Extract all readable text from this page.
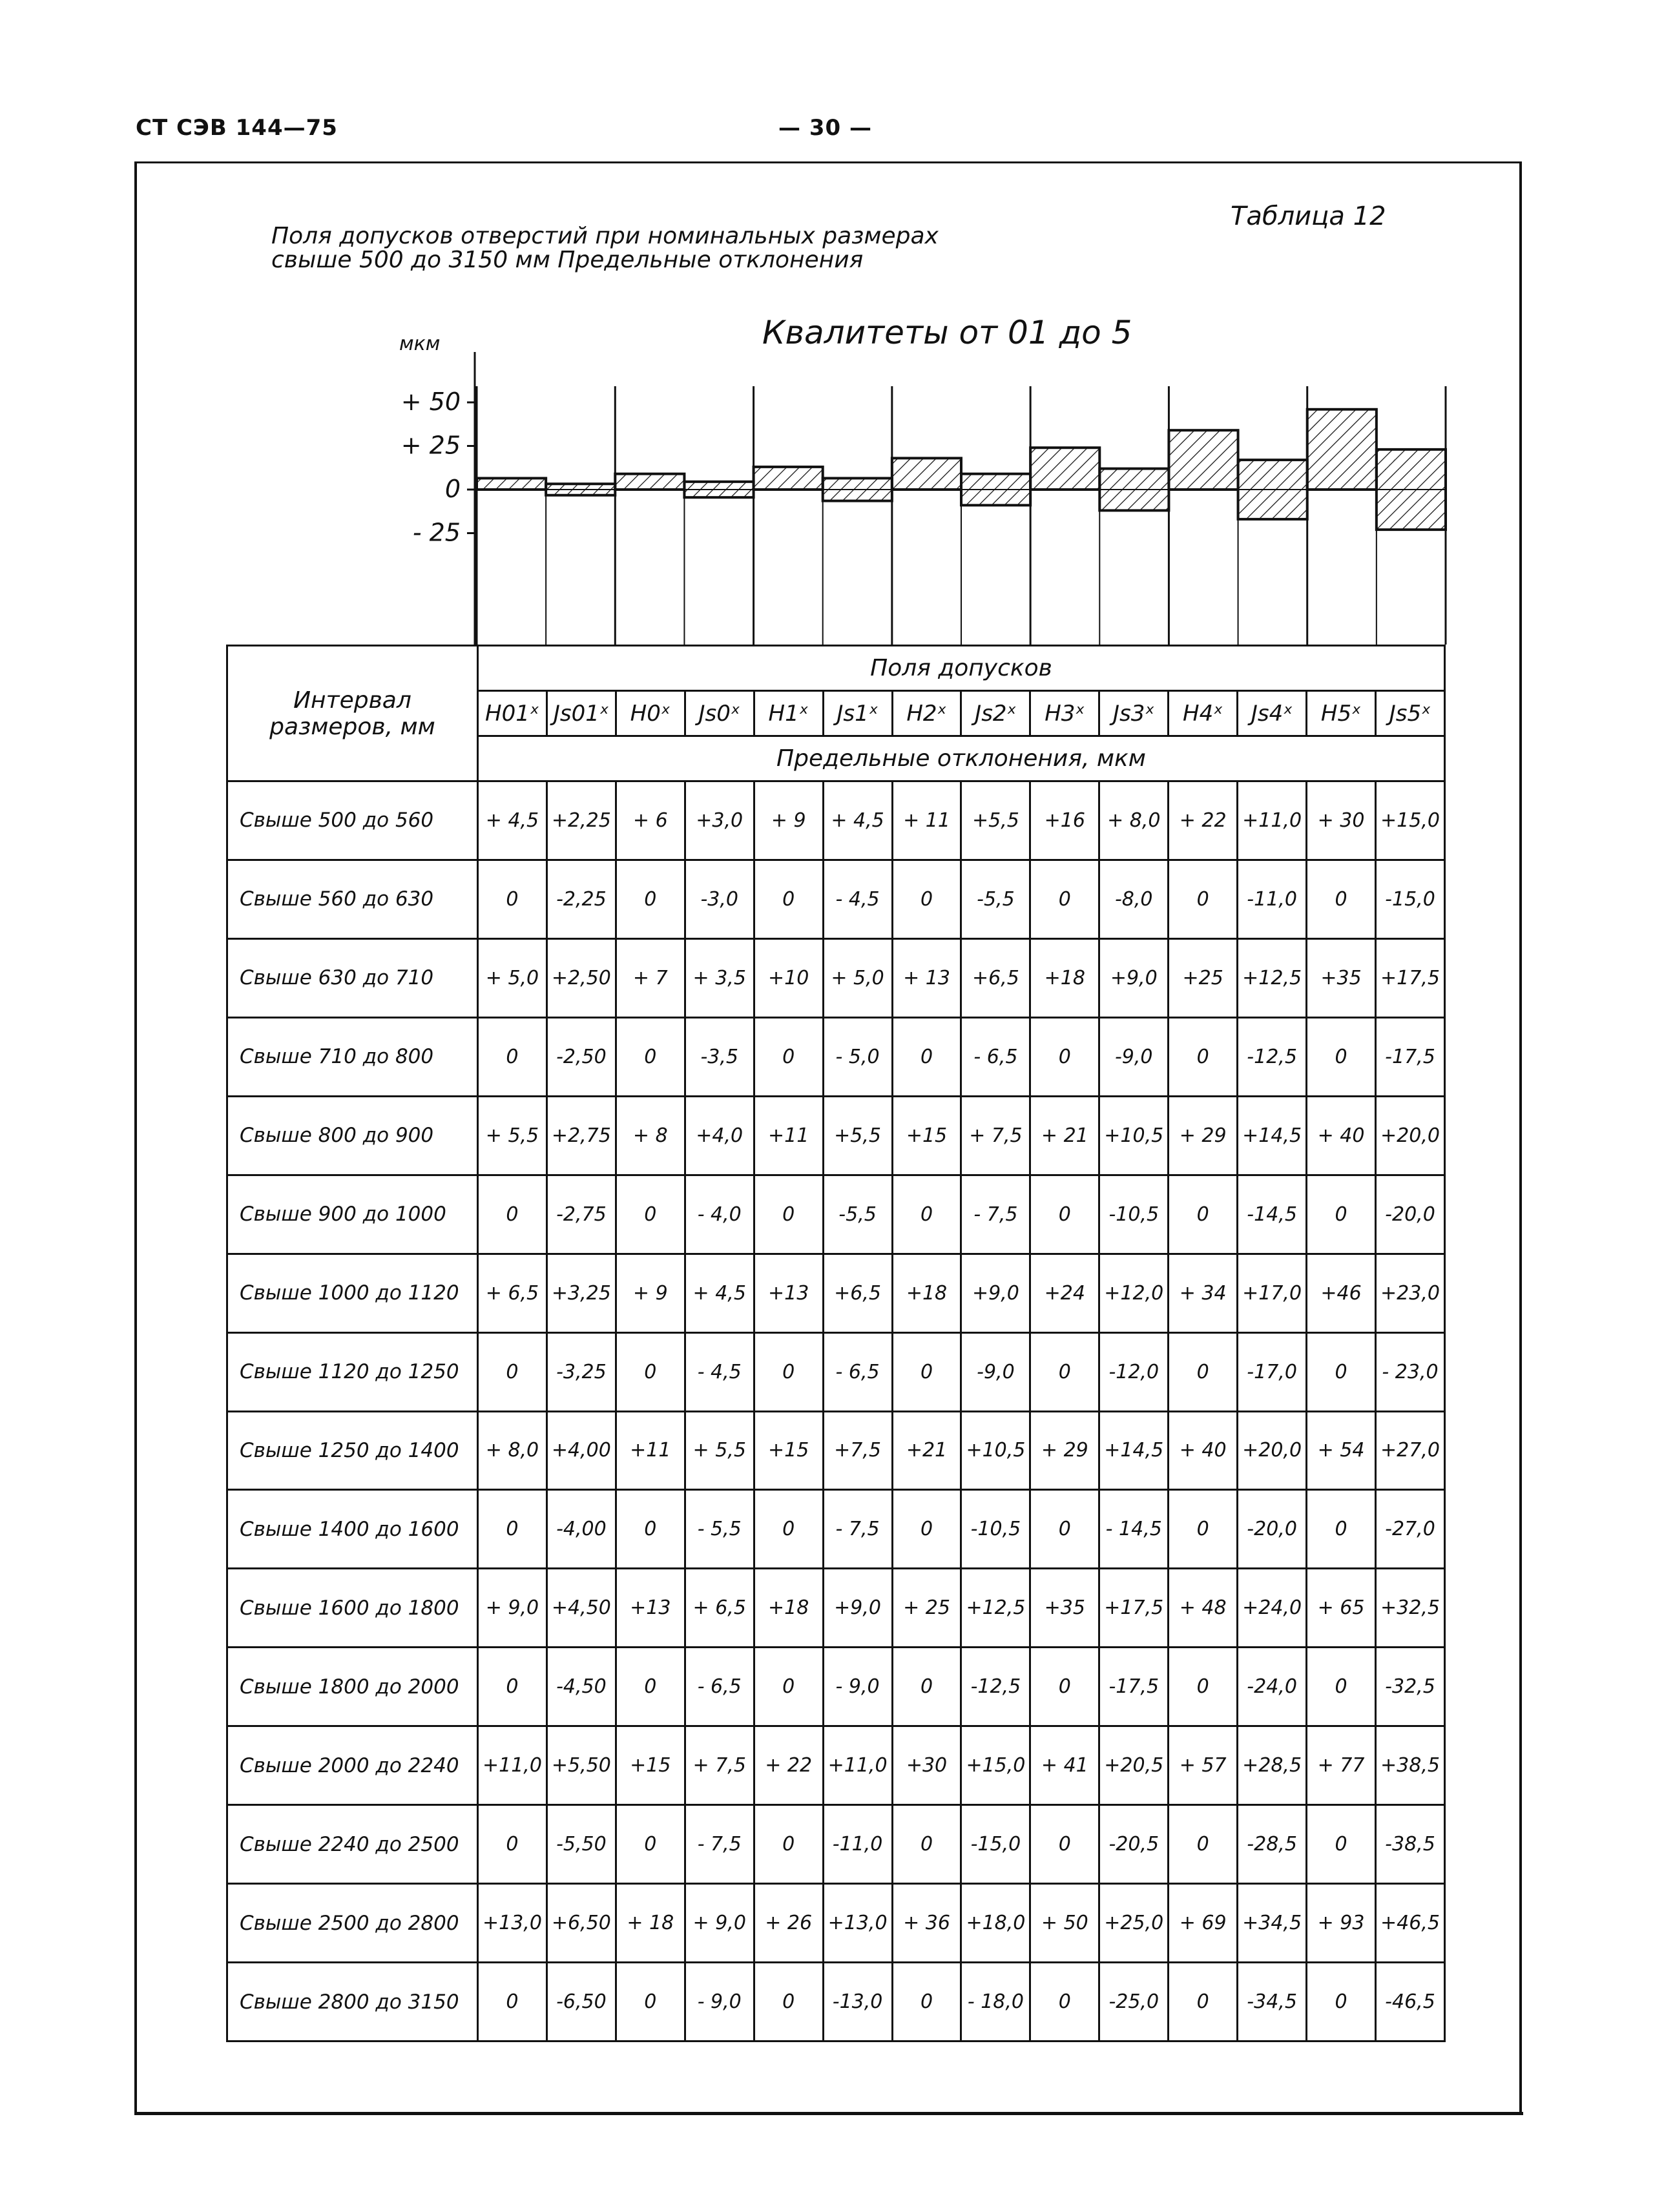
СТ СЭВ 144—75	— 30 —
Таблица 12
Поля допусков отверстий при номинальных размерах
свыше 500 до 3150 мм Предельные отклонения
Квалитеты от 01 до 5
мкм
+ 50
+ 25
0
- 25
Интервал размеров, мм	Поля допусков													
	H01ˣ	Js01ˣ	H0ˣ	Js0ˣ	H1ˣ	Js1ˣ	H2ˣ	Js2ˣ	H3ˣ	Js3ˣ	H4ˣ	Js4ˣ	H5ˣ	Js5ˣ
	Предельные отклонения, мкм													
Свыше 500 до 560	+ 4,5	+2,25	+ 6	+3,0	+ 9	+ 4,5	+ 11	+5,5	+16	+ 8,0	+ 22	+11,0	+ 30	+15,0
Свыше 560 до 630	0	-2,25	0	-3,0	0	- 4,5	0	-5,5	0	-8,0	0	-11,0	0	-15,0
Свыше 630 до 710	+ 5,0	+2,50	+ 7	+ 3,5	+10	+ 5,0	+ 13	+6,5	+18	+9,0	+25	+12,5	+35	+17,5
Свыше 710 до 800	0	-2,50	0	-3,5	0	- 5,0	0	- 6,5	0	-9,0	0	-12,5	0	-17,5
Свыше 800 до 900	+ 5,5	+2,75	+ 8	+4,0	+11	+5,5	+15	+ 7,5	+ 21	+10,5	+ 29	+14,5	+ 40	+20,0
Свыше 900 до 1000	0	-2,75	0	- 4,0	0	-5,5	0	- 7,5	0	-10,5	0	-14,5	0	-20,0
Свыше 1000 до 1120	+ 6,5	+3,25	+ 9	+ 4,5	+13	+6,5	+18	+9,0	+24	+12,0	+ 34	+17,0	+46	+23,0
Свыше 1120 до 1250	0	-3,25	0	- 4,5	0	- 6,5	0	-9,0	0	-12,0	0	-17,0	0	- 23,0
Свыше 1250 до 1400	+ 8,0	+4,00	+11	+ 5,5	+15	+7,5	+21	+10,5	+ 29	+14,5	+ 40	+20,0	+ 54	+27,0
Свыше 1400 до 1600	0	-4,00	0	- 5,5	0	- 7,5	0	-10,5	0	- 14,5	0	-20,0	0	-27,0
Свыше 1600 до 1800	+ 9,0	+4,50	+13	+ 6,5	+18	+9,0	+ 25	+12,5	+35	+17,5	+ 48	+24,0	+ 65	+32,5
Свыше 1800 до 2000	0	-4,50	0	- 6,5	0	- 9,0	0	-12,5	0	-17,5	0	-24,0	0	-32,5
Свыше 2000 до 2240	+11,0	+5,50	+15	+ 7,5	+ 22	+11,0	+30	+15,0	+ 41	+20,5	+ 57	+28,5	+ 77	+38,5
Свыше 2240 до 2500	0	-5,50	0	- 7,5	0	-11,0	0	-15,0	0	-20,5	0	-28,5	0	-38,5
Свыше 2500 до 2800	+13,0	+6,50	+ 18	+ 9,0	+ 26	+13,0	+ 36	+18,0	+ 50	+25,0	+ 69	+34,5	+ 93	+46,5
Свыше 2800 до 3150	0	-6,50	0	- 9,0	0	-13,0	0	- 18,0	0	-25,0	0	-34,5	0	-46,5
